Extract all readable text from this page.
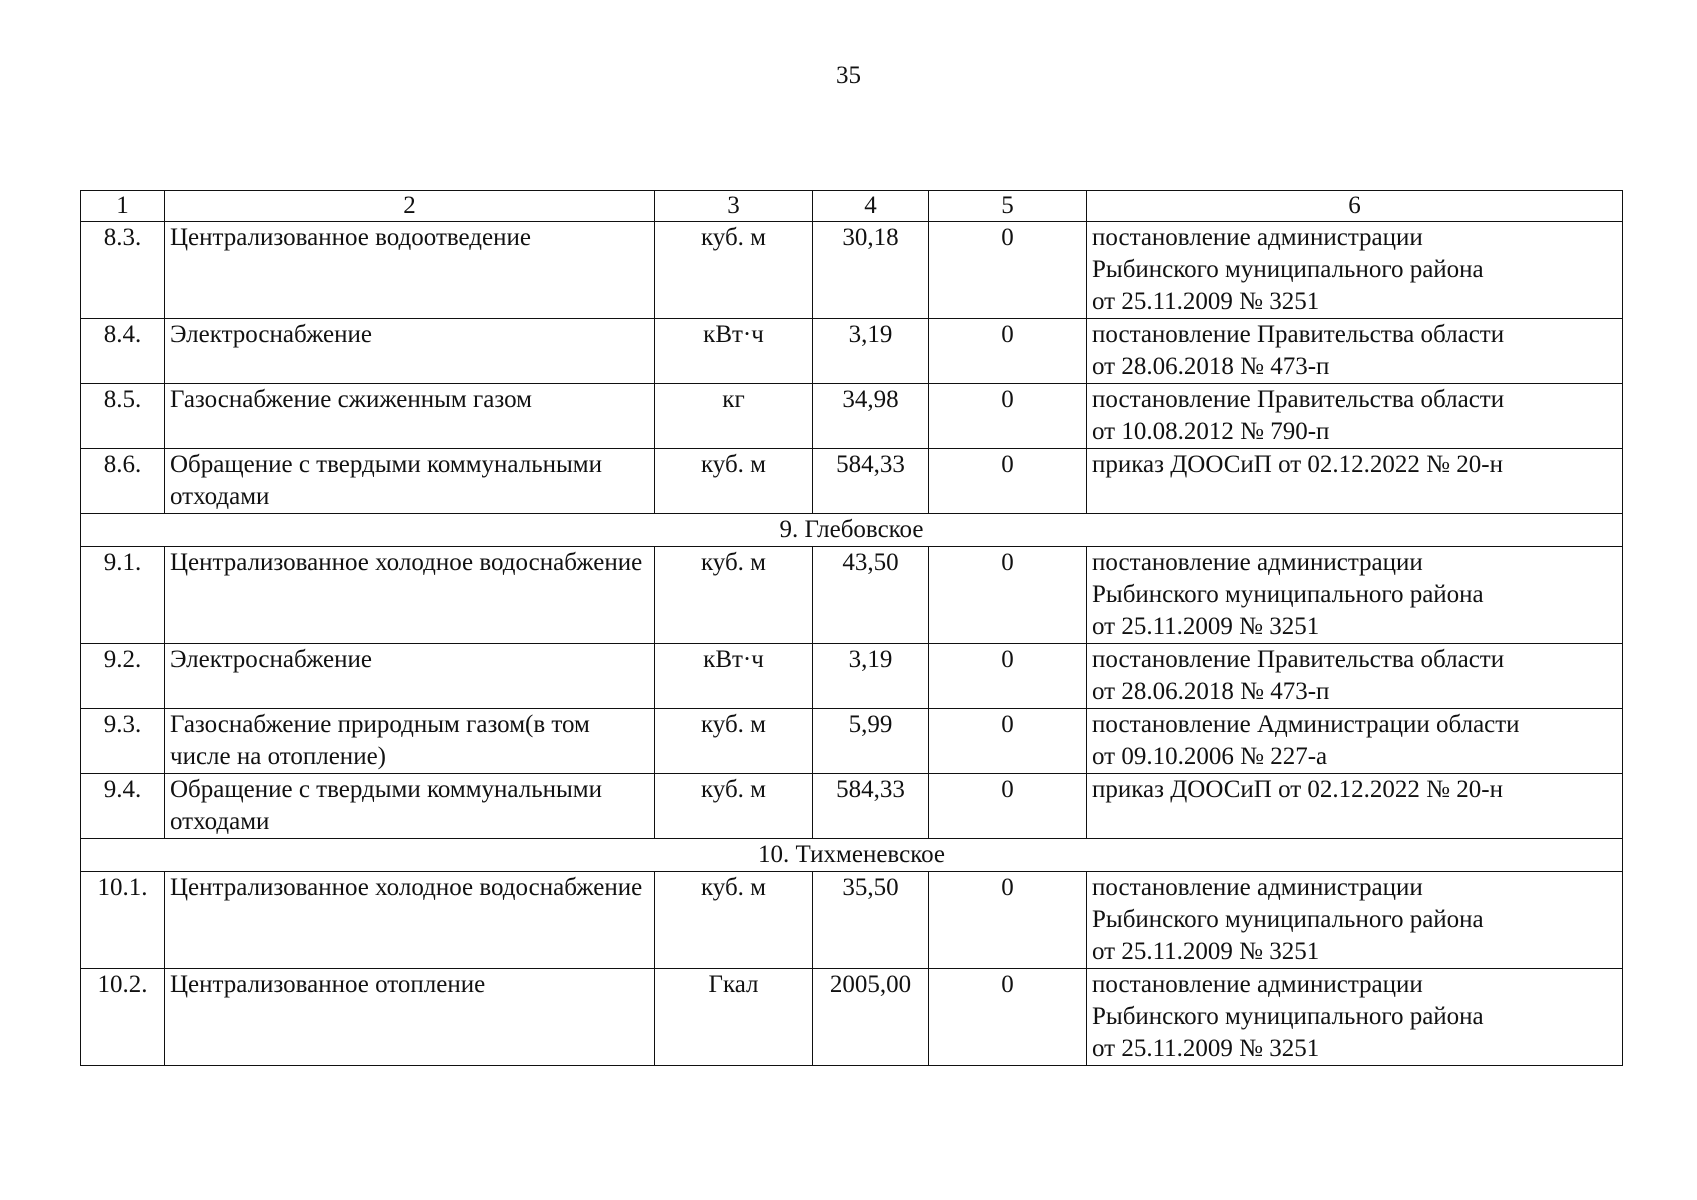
35
1	2	3	4	5	6
8.3.	Централизованное водоотведение	куб. м	30,18	0	постановление администрации
Рыбинского муниципального района
от 25.11.2009 № 3251

8.4.	Электроснабжение	кВт·ч	3,19	0	постановление Правительства области
от 28.06.2018 № 473-п

8.5.	Газоснабжение сжиженным газом	кг	34,98	0	постановление Правительства области
от 10.08.2012 № 790-п

8.6.	Обращение с твердыми коммунальными отходами	куб. м	584,33	0	приказ ДООСиП от 02.12.2022 № 20-н

9. Глебовское					
9.1.	Централизованное холодное водоснабжение	куб. м	43,50	0	постановление администрации
Рыбинского муниципального района
от 25.11.2009 № 3251

9.2.	Электроснабжение	кВт·ч	3,19	0	постановление Правительства области
от 28.06.2018 № 473-п

9.3.	Газоснабжение природным газом(в том числе на отопление)	куб. м	5,99	0	постановление Администрации области
от 09.10.2006 № 227-а

9.4.	Обращение с твердыми коммунальными отходами	куб. м	584,33	0	приказ ДООСиП от 02.12.2022 № 20-н

10. Тихменевское					
10.1.	Централизованное холодное водоснабжение	куб. м	35,50	0	постановление администрации
Рыбинского муниципального района
от 25.11.2009 № 3251

10.2.	Централизованное отопление	Гкал	2005,00	0	постановление администрации
Рыбинского муниципального района
от 25.11.2009 № 3251
